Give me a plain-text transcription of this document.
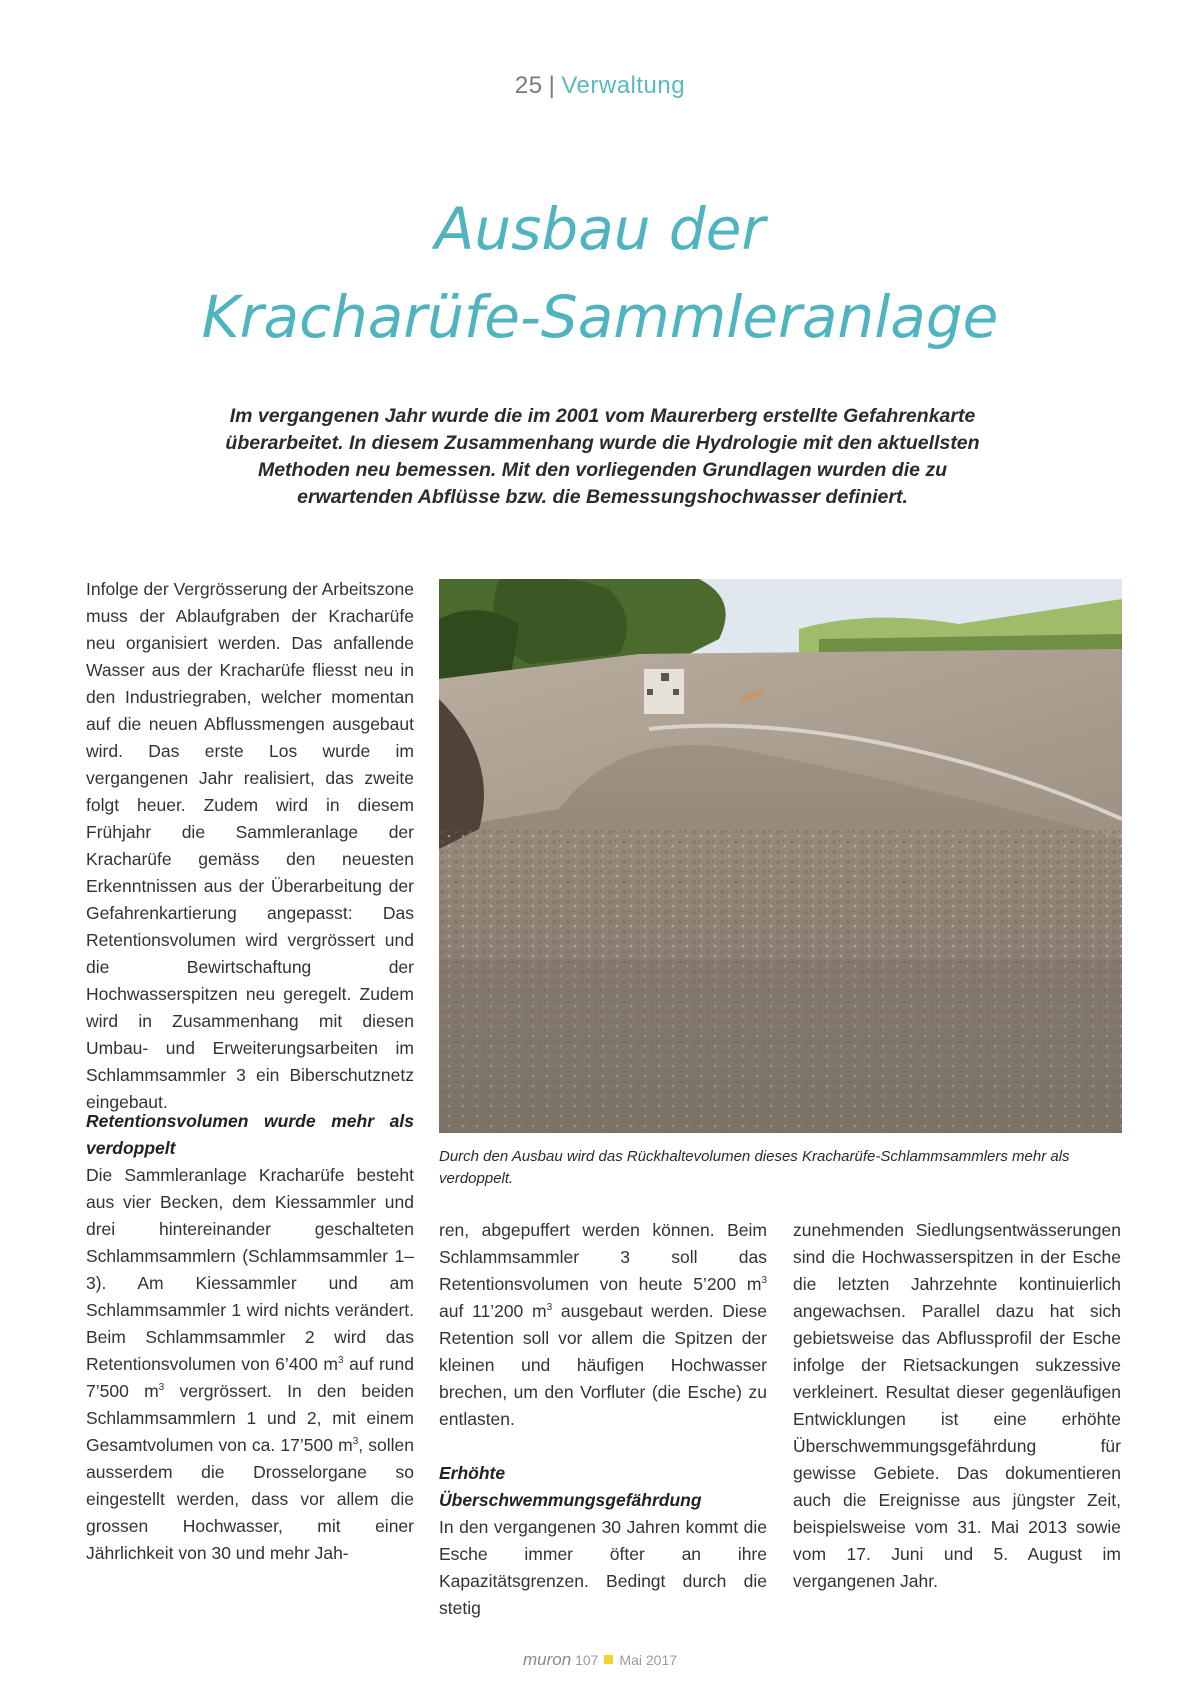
25 | Verwaltung
Ausbau der
Kracharüfe-Sammleranlage

Im vergangenen Jahr wurde die im 2001 vom Maurerberg erstellte Gefahrenkarte überarbeitet. In diesem Zusammenhang wurde die Hydrologie mit den aktuellsten Methoden neu bemessen. Mit den vorliegenden Grundlagen wurden die zu erwartenden Abflüsse bzw. die Bemessungshochwasser definiert.

Infolge der Vergrösserung der Arbeitszone muss der Ablaufgraben der Kracharüfe neu organisiert werden. Das anfallende Wasser aus der Kracharüfe fliesst neu in den Industriegraben, welcher momentan auf die neuen Abflussmengen ausgebaut wird. Das erste Los wurde im vergangenen Jahr realisiert, das zweite folgt heuer. Zudem wird in diesem Frühjahr die Sammleranlage der Kracharüfe gemäss den neuesten Erkenntnissen aus der Überarbeitung der Gefahrenkartierung angepasst: Das Retentionsvolumen wird vergrössert und die Bewirtschaftung der Hochwasserspitzen neu geregelt. Zudem wird in Zusammenhang mit diesen Umbau- und Erweiterungsarbeiten im Schlammsammler 3 ein Biberschutznetz eingebaut.

Durch den Ausbau wird das Rückhaltevolumen dieses Kracharüfe-Schlammsammlers mehr als verdoppelt.
Retentionsvolumen wurde mehr als verdoppelt

Die Sammleranlage Kracharüfe besteht aus vier Becken, dem Kiessammler und drei hintereinander geschalteten Schlammsammlern (Schlammsammler 1–3). Am Kiessammler und am Schlammsammler 1 wird nichts verändert. Beim Schlammsammler 2 wird das Retentionsvolumen von 6’400 $m^3$ auf rund 7’500 $m^3$ vergrössert. In den beiden Schlammsammlern 1 und 2, mit einem Gesamtvolumen von ca. 17’500 $m^3$, sollen ausserdem die Drosselorgane so eingestellt werden, dass vor allem die grossen Hochwasser, mit einer Jährlichkeit von 30 und mehr Jah-

ren, abgepuffert werden können. Beim Schlammsammler 3 soll das Retentionsvolumen von heute 5’200 $m^3$ auf 11’200 $m^3$ ausgebaut werden. Diese Retention soll vor allem die Spitzen der kleinen und häufigen Hochwasser brechen, um den Vorfluter (die Esche) zu entlasten.

Erhöhte Überschwemmungsgefährdung

In den vergangenen 30 Jahren kommt die Esche immer öfter an ihre Kapazitätsgrenzen. Bedingt durch die stetig

zunehmenden Siedlungsentwässerungen sind die Hochwasserspitzen in der Esche die letzten Jahrzehnte kontinuierlich angewachsen. Parallel dazu hat sich gebietsweise das Abflussprofil der Esche infolge der Rietsackungen sukzessive verkleinert. Resultat dieser gegenläufigen Entwicklungen ist eine erhöhte Überschwemmungsgefährdung für gewisse Gebiete. Das dokumentieren auch die Ereignisse aus jüngster Zeit, beispielsweise vom 31. Mai 2013 sowie vom 17. Juni und 5. August im vergangenen Jahr.

muron 107 Mai 2017
